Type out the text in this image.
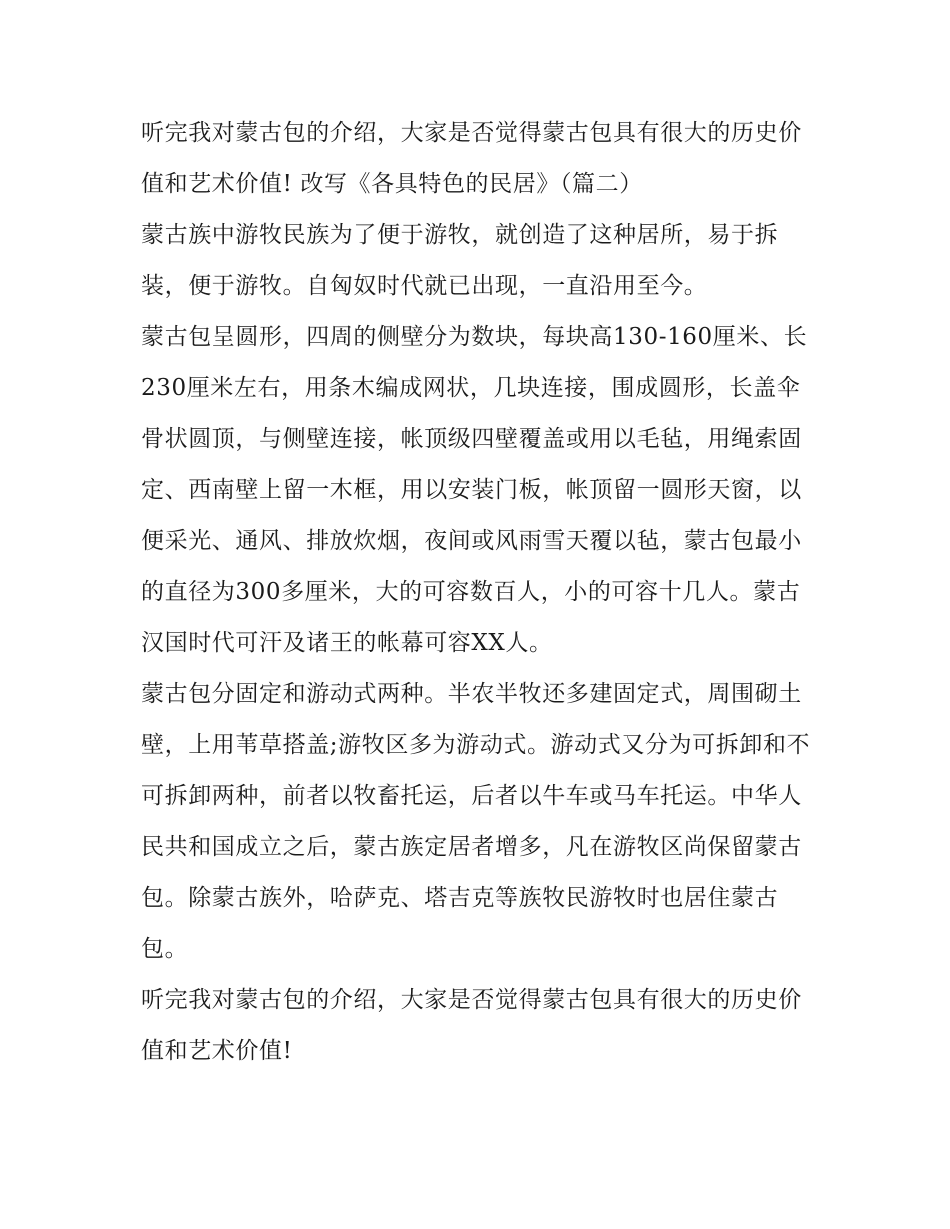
听完我对蒙古包的介绍，大家是否觉得蒙古包具有很大的历史价值和艺术价值! 改写《各具特色的民居》（篇二）

蒙古族中游牧民族为了便于游牧，就创造了这种居所，易于拆装，便于游牧。自匈奴时代就已出现，一直沿用至今。

蒙古包呈圆形，四周的侧壁分为数块，每块高130-160厘米、长230厘米左右，用条木编成网状，几块连接，围成圆形，长盖伞骨状圆顶，与侧壁连接，帐顶级四壁覆盖或用以毛毡，用绳索固定、西南壁上留一木框，用以安装门板，帐顶留一圆形天窗，以便采光、通风、排放炊烟，夜间或风雨雪天覆以毡，蒙古包最小的直径为300多厘米，大的可容数百人，小的可容十几人。蒙古汉国时代可汗及诸王的帐幕可容XX人。

蒙古包分固定和游动式两种。半农半牧还多建固定式，周围砌土壁，上用苇草搭盖;游牧区多为游动式。游动式又分为可拆卸和不可拆卸两种，前者以牧畜托运，后者以牛车或马车托运。中华人民共和国成立之后，蒙古族定居者增多，凡在游牧区尚保留蒙古包。除蒙古族外，哈萨克、塔吉克等族牧民游牧时也居住蒙古包。

听完我对蒙古包的介绍，大家是否觉得蒙古包具有很大的历史价值和艺术价值!
